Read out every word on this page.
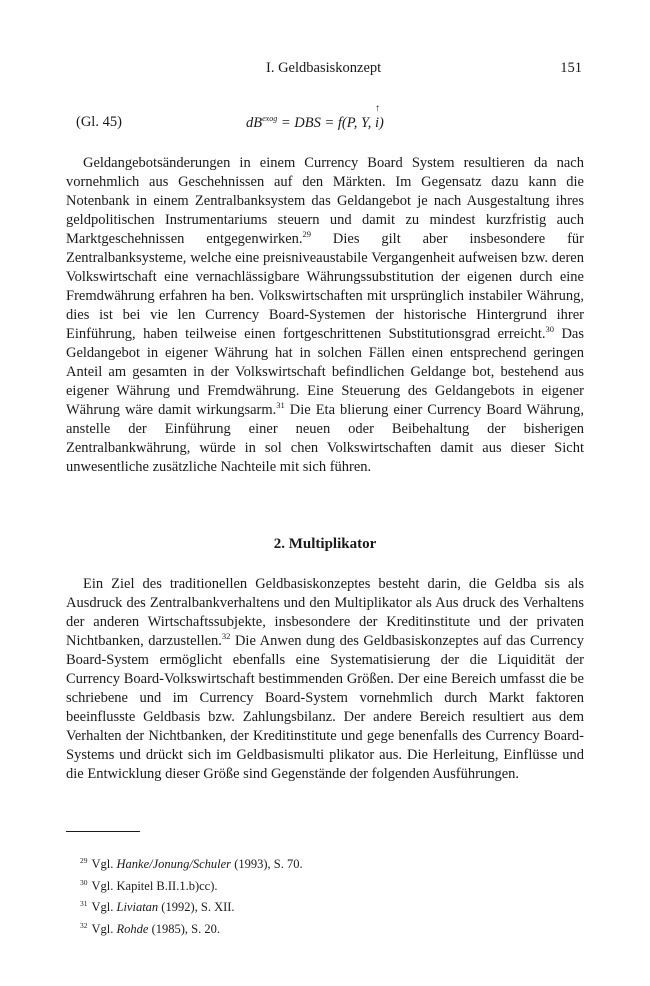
I. Geldbasiskonzept	151
(Gl. 45)	$dB^{exog}$ = DBS = f(P, Y,
↑
i)

Geldangebotsänderungen in einem Currency Board System resultieren da nach vornehmlich aus Geschehnissen auf den Märkten. Im Gegensatz dazu kann die Notenbank in einem Zentralbanksystem das Geldangebot je nach Ausgestaltung ihres geldpolitischen Instrumentariums steuern und damit zu mindest kurzfristig auch Marktgeschehnissen entgegenwirken.$^{29}$ Dies gilt aber insbesondere für Zentralbanksysteme, welche eine preisniveaustabile Vergangenheit aufweisen bzw. deren Volkswirtschaft eine vernachlässigbare Währungssubstitution der eigenen durch eine Fremdwährung erfahren ha ben. Volkswirtschaften mit ursprünglich instabiler Währung, dies ist bei vie len Currency Board-Systemen der historische Hintergrund ihrer Einführung, haben teilweise einen fortgeschrittenen Substitutionsgrad erreicht.$^{30}$ Das Geldangebot in eigener Währung hat in solchen Fällen einen entsprechend geringen Anteil am gesamten in der Volkswirtschaft befindlichen Geldange bot, bestehend aus eigener Währung und Fremdwährung. Eine Steuerung des Geldangebots in eigener Währung wäre damit wirkungsarm.$^{31}$ Die Eta blierung einer Currency Board Währung, anstelle der Einführung einer neuen oder Beibehaltung der bisherigen Zentralbankwährung, würde in sol chen Volkswirtschaften damit aus dieser Sicht unwesentliche zusätzliche Nachteile mit sich führen.

2. Multiplikator

Ein Ziel des traditionellen Geldbasiskonzeptes besteht darin, die Geldba sis als Ausdruck des Zentralbankverhaltens und den Multiplikator als Aus druck des Verhaltens der anderen Wirtschaftssubjekte, insbesondere der Kreditinstitute und der privaten Nichtbanken, darzustellen.$^{32}$ Die Anwen dung des Geldbasiskonzeptes auf das Currency Board-System ermöglicht ebenfalls eine Systematisierung der die Liquidität der Currency Board-Volkswirtschaft bestimmenden Größen. Der eine Bereich umfasst die be schriebene und im Currency Board-System vornehmlich durch Markt faktoren beeinflusste Geldbasis bzw. Zahlungsbilanz. Der andere Bereich resultiert aus dem Verhalten der Nichtbanken, der Kreditinstitute und gege benenfalls des Currency Board-Systems und drückt sich im Geldbasismulti plikator aus. Die Herleitung, Einflüsse und die Entwicklung dieser Größe sind Gegenstände der folgenden Ausführungen.

$^{29}$ Vgl. Hanke/Jonung/Schuler (1993), S. 70.
$^{30}$ Vgl. Kapitel B.II.1.b)cc).
$^{31}$ Vgl. Liviatan (1992), S. XII.
$^{32}$ Vgl. Rohde (1985), S. 20.
